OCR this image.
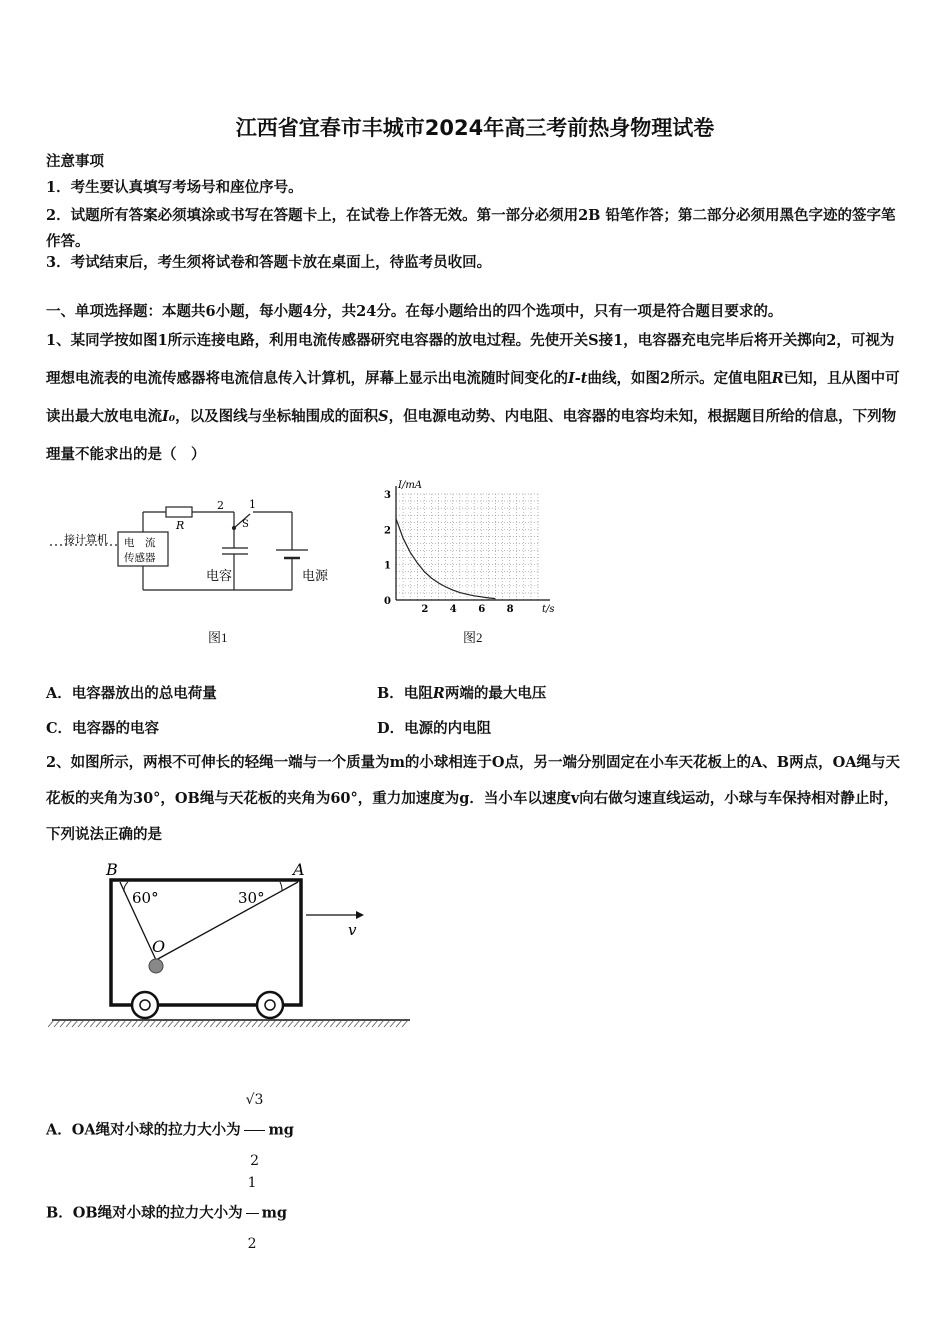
江西省宜春市丰城市2024年高三考前热身物理试卷
注意事项
1．考生要认真填写考场号和座位序号。
2．试题所有答案必须填涂或书写在答题卡上，在试卷上作答无效。第一部分必须用2B 铅笔作答；第二部分必须用黑色字迹的签字笔作答。
3．考试结束后，考生须将试卷和答题卡放在桌面上，待监考员收回。
一、单项选择题：本题共6小题，每小题4分，共24分。在每小题给出的四个选项中，只有一项是符合题目要求的。
1、某同学按如图1所示连接电路，利用电流传感器研究电容器的放电过程。先使开关S接1，电容器充电完毕后将开关掷向2，可视为理想电流表的电流传感器将电流信息传入计算机，屏幕上显示出电流随时间变化的I-t曲线，如图2所示。定值电阻R已知，且从图中可读出最大放电电流I₀，以及图线与坐标轴围成的面积S，但电源电动势、内电阻、电容器的电容均未知，根据题目所给的信息，下列物理量不能求出的是（　）
接计算机 电　流
传感器
R
2 1
S
电容	电源
图1
2 4 6 8
0
1
2
3
I/mA
t/s
图2
A．电容器放出的总电荷量	B．电阻R两端的最大电压
C．电容器的电容	D．电源的内电阻
2、如图所示，两根不可伸长的轻绳一端与一个质量为m的小球相连于O点，另一端分别固定在小车天花板上的A、B两点，OA绳与天花板的夹角为30°，OB绳与天花板的夹角为60°，重力加速度为g．当小车以速度v向右做匀速直线运动，小球与车保持相对静止时，下列说法正确的是
B	A
O
60°	30°
v
A．OA绳对小球的拉力大小为 $\frac{√3}{2}$ mg
B．OB绳对小球的拉力大小为 $\frac{1}{2}$ mg
